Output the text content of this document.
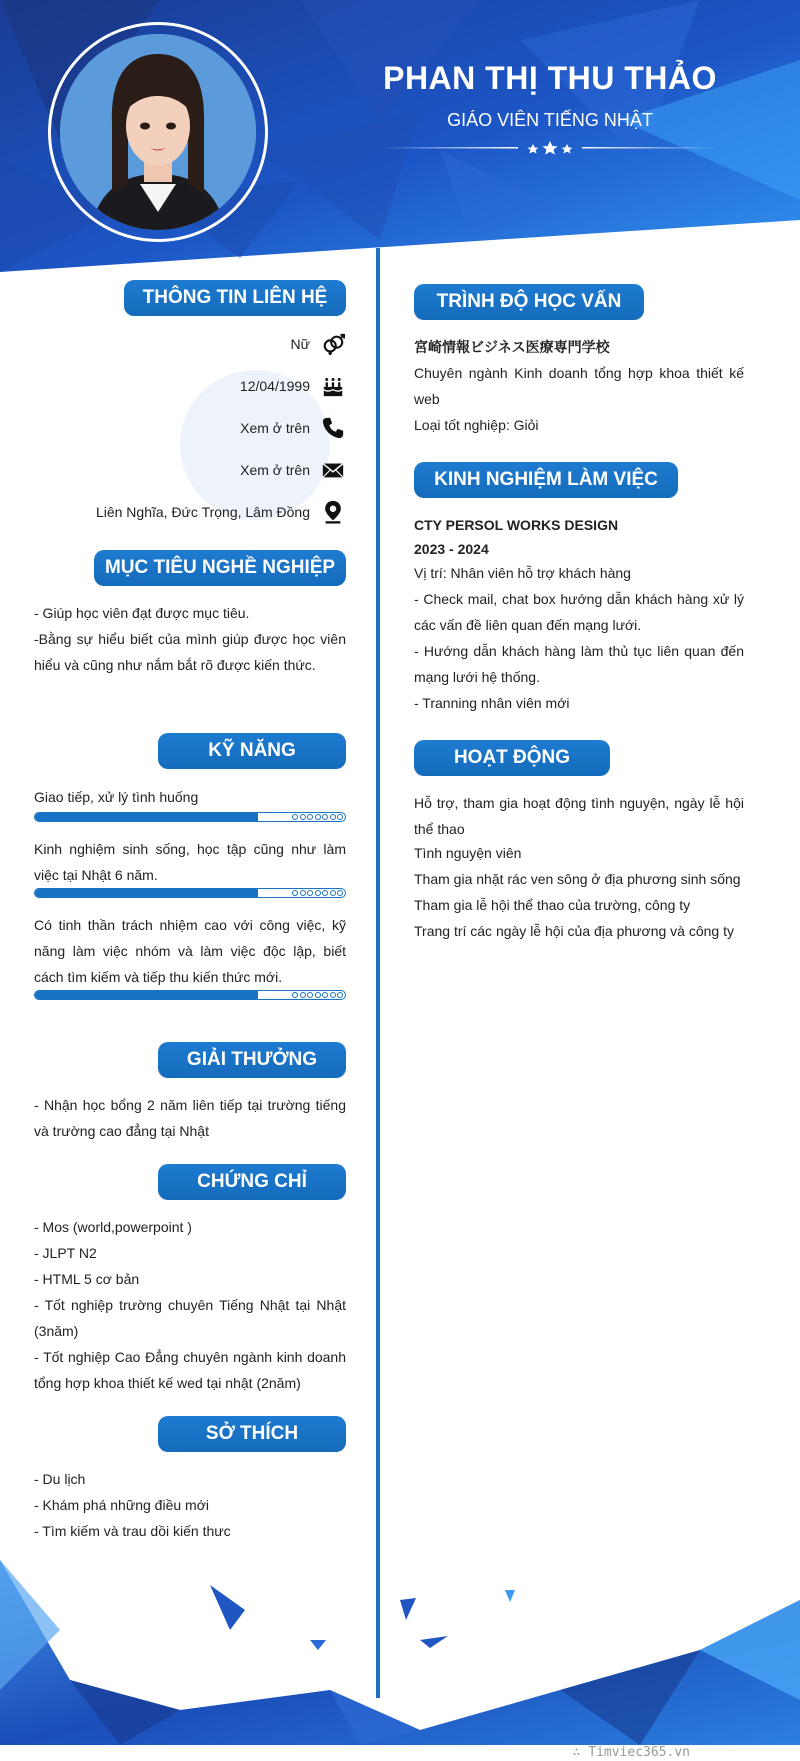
PHAN THỊ THU THẢO
GIÁO VIÊN TIẾNG NHẬT
THÔNG TIN LIÊN HỆ
Nữ
12/04/1999
Xem ở trên
Xem ở trên
Liên Nghĩa, Đức Trọng, Lâm Đồng
MỤC TIÊU NGHỀ NGHIỆP
- Giúp học viên đạt được mục tiêu.
-Bằng sự hiểu biết của mình giúp được học viên hiểu và cũng như nắm bắt rõ được kiến thức.
KỸ NĂNG
Giao tiếp, xử lý tình huống
Kinh nghiệm sinh sống, học tập cũng như làm việc tại Nhật 6 năm.
Có tinh thần trách nhiệm cao với công việc, kỹ năng làm việc nhóm và làm việc độc lập, biết cách tìm kiếm và tiếp thu kiến thức mới.
GIẢI THƯỞNG
- Nhận học bổng 2 năm liên tiếp tại trường tiếng và trường cao đẳng tại Nhật
CHỨNG CHỈ
- Mos (world,powerpoint )
- JLPT N2
- HTML 5 cơ bản
- Tốt nghiệp trường chuyên Tiếng Nhật tại Nhật (3năm)
- Tốt nghiệp Cao Đẳng chuyên ngành kinh doanh tổng hợp khoa thiết kế wed tại nhật (2năm)
SỞ THÍCH
- Du lịch
- Khám phá những điều mới
- Tìm kiếm và trau dồi kiến thưc
TRÌNH ĐỘ HỌC VẤN
宮崎情報ビジネス医療専門学校
Chuyên ngành Kinh doanh tổng hợp khoa thiết kế web
Loại tốt nghiệp: Giỏi
KINH NGHIỆM LÀM VIỆC
CTY PERSOL WORKS DESIGN
2023 - 2024
Vị trí: Nhân viên hỗ trợ khách hàng
- Check mail, chat box hướng dẫn khách hàng xử lý các vấn đề liên quan đến mạng lưới.
- Hướng dẫn khách hàng làm thủ tục liên quan đến mạng lưới hệ thống.
- Tranning nhân viên mới
HOẠT ĐỘNG
Hỗ trợ, tham gia hoạt động tình nguyện, ngày lễ hội thể thao
Tình nguyện viên
Tham gia nhặt rác ven sông ở địa phương sinh sống
Tham gia lễ hội thể thao của trường, công ty
Trang trí các ngày lễ hội của địa phương và công ty
∴ Timviec365.vn
